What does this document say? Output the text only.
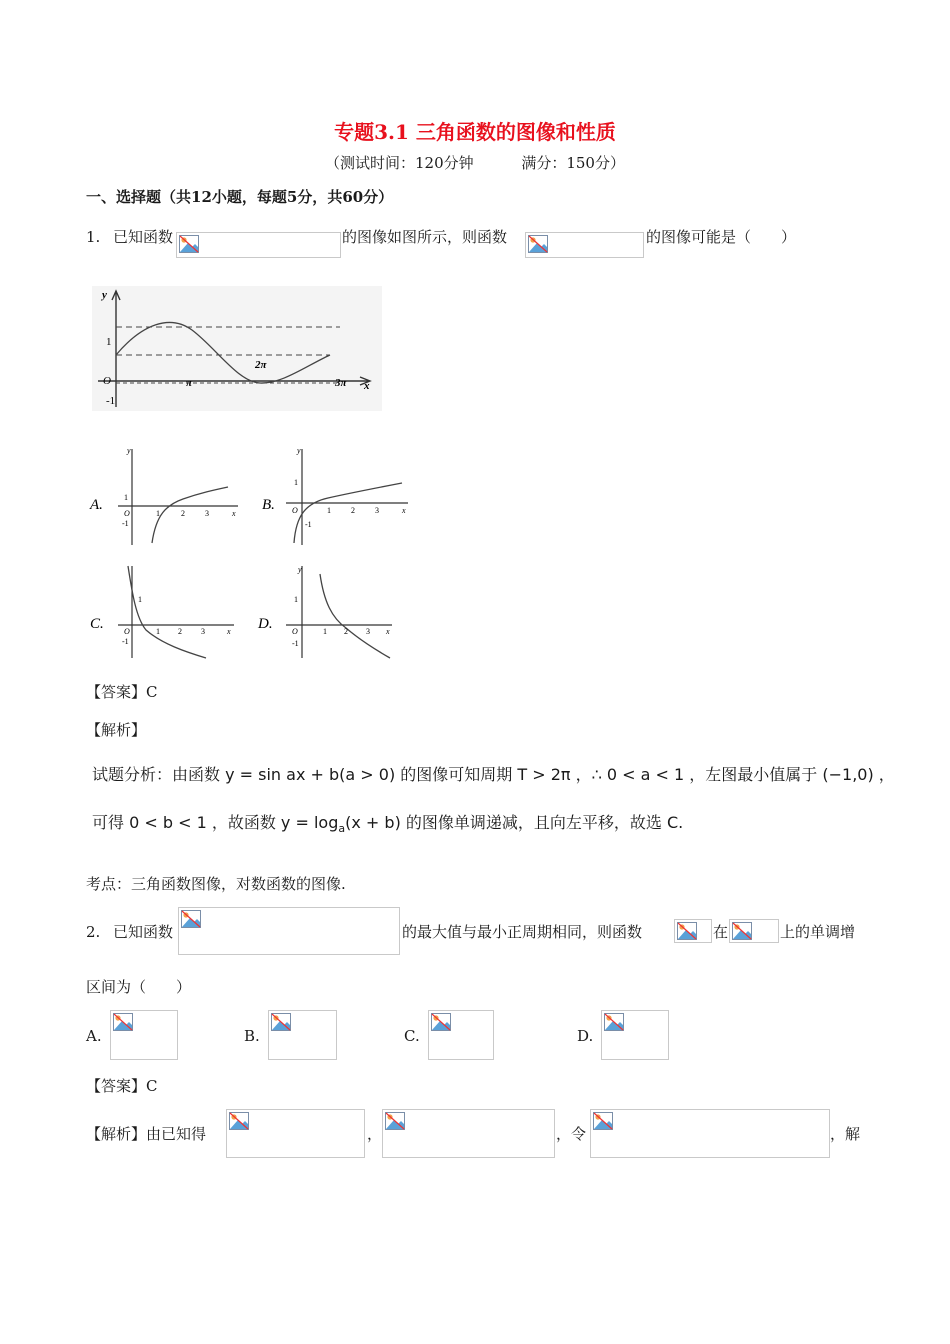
专题3.1 三角函数的图像和性质
（测试时间：120分钟          满分：150分）
一、选择题（共12小题，每题5分，共60分）
1. 已知函数	的图像如图所示，则函数	的图像可能是（　　）
y
1
O
-1
π
2π
3π x
A.
y
1
O
-1
1	2	3	x
B.
y
1
O
-1
1	2	3	x
C.
1
O
-1
1 2 3	x D.
y
1
O
-1
1 2 3 x
【答案】C
【解析】
试题分析：由函数 y = sin ax + b(a > 0) 的图像可知周期 T > 2π ，∴ 0 < a < 1 ，左图最小值属于 (−1,0) ，
可得 0 < b < 1 ，故函数 $y = \log_a(x + b)$ 的图像单调递减，且向左平移，故选 C.
考点：三角函数图像，对数函数的图像.
2. 已知函数	的最大值与最小正周期相同，则函数	在	上的单调增
区间为（　　）
A.	B.	C.	D.
【答案】C
【解析】由已知得	，	，令	，解
